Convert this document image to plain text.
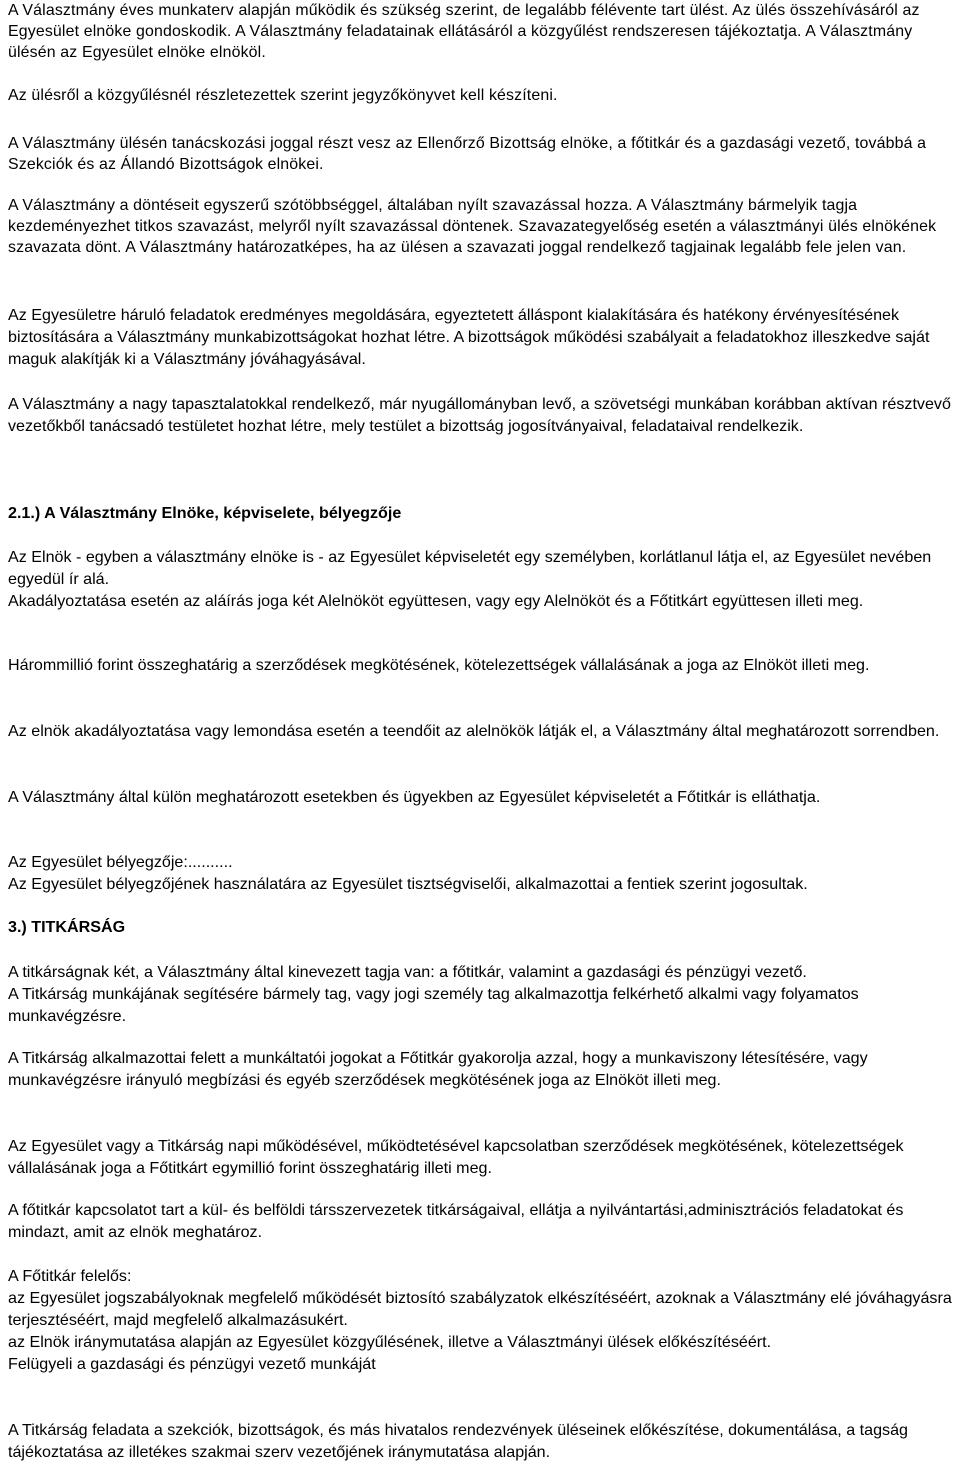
A Választmány éves munkaterv alapján működik és szükség szerint, de legalább félévente tart ülést. Az ülés összehívásáról az Egyesület elnöke gondoskodik. A Választmány feladatainak ellátásáról a közgyűlést rendszeresen tájékoztatja. A Választmány ülésén az Egyesület elnöke elnököl.

Az ülésről a közgyűlésnél részletezettek szerint jegyzőkönyvet kell készíteni.

A Választmány ülésén tanácskozási joggal részt vesz az Ellenőrző Bizottság elnöke, a főtitkár és a gazdasági vezető, továbbá a Szekciók és az Állandó Bizottságok elnökei.

A Választmány a döntéseit egyszerű szótöbbséggel, általában nyílt szavazással hozza. A Választmány bármelyik tagja kezdeményezhet titkos szavazást, melyről nyílt szavazással döntenek. Szavazategyelőség esetén a választmányi ülés elnökének szavazata dönt. A Választmány határozatképes, ha az ülésen a szavazati joggal rendelkező tagjainak legalább fele jelen van.

Az Egyesületre háruló feladatok eredményes megoldására, egyeztetett álláspont kialakítására és hatékony érvényesítésének biztosítására a Választmány munkabizottságokat hozhat létre. A bizottságok működési szabályait a feladatokhoz illeszkedve saját maguk alakítják ki a Választmány jóváhagyásával.

A Választmány a nagy tapasztalatokkal rendelkező, már nyugállományban levő, a szövetségi munkában korábban aktívan résztvevő vezetőkből tanácsadó testületet hozhat létre, mely testület a bizottság jogosítványaival, feladataival rendelkezik.

2.1.) A Választmány Elnöke, képviselete, bélyegzője

Az Elnök - egyben a választmány elnöke is - az Egyesület képviseletét egy személyben, korlátlanul látja el, az Egyesület nevében egyedül ír alá.

Akadályoztatása esetén az aláírás joga két Alelnököt együttesen, vagy egy Alelnököt és a Főtitkárt együttesen illeti meg.

Hárommillió forint összeghatárig a szerződések megkötésének, kötelezettségek vállalásának a joga az Elnököt illeti meg.

Az elnök akadályoztatása vagy lemondása esetén a teendőit az alelnökök látják el, a Választmány által meghatározott sorrendben.

A Választmány által külön meghatározott esetekben és ügyekben az Egyesület képviseletét a Főtitkár is elláthatja.

Az Egyesület bélyegzője:..........

Az Egyesület bélyegzőjének használatára az Egyesület tisztségviselői, alkalmazottai a fentiek szerint jogosultak.

3.) TITKÁRSÁG

A titkárságnak két, a Választmány által kinevezett tagja van: a főtitkár, valamint a gazdasági és pénzügyi vezető.

A Titkárság munkájának segítésére bármely tag, vagy jogi személy tag alkalmazottja felkérhető alkalmi vagy folyamatos munkavégzésre.

A Titkárság alkalmazottai felett a munkáltatói jogokat a Főtitkár gyakorolja azzal, hogy a munkaviszony létesítésére, vagy munkavégzésre irányuló megbízási és egyéb szerződések megkötésének joga az Elnököt illeti meg.

Az Egyesület vagy a Titkárság napi működésével, működtetésével kapcsolatban szerződések megkötésének, kötelezettségek vállalásának joga a Főtitkárt egymillió forint összeghatárig illeti meg.

A főtitkár kapcsolatot tart a kül- és belföldi társszervezetek titkárságaival, ellátja a nyilvántartási,adminisztrációs feladatokat és mindazt, amit az elnök meghatároz.

A Főtitkár felelős:

az Egyesület jogszabályoknak megfelelő működését biztosító szabályzatok elkészítéséért, azoknak a Választmány elé jóváhagyásra terjesztéséért, majd megfelelő alkalmazásukért.

az Elnök iránymutatása alapján az Egyesület közgyűlésének, illetve a Választmányi ülések előkészítéséért.

Felügyeli a gazdasági és pénzügyi vezető munkáját

A Titkárság feladata a szekciók, bizottságok, és más hivatalos rendezvények üléseinek előkészítése, dokumentálása, a tagság tájékoztatása az illetékes szakmai szerv vezetőjének iránymutatása alapján.
